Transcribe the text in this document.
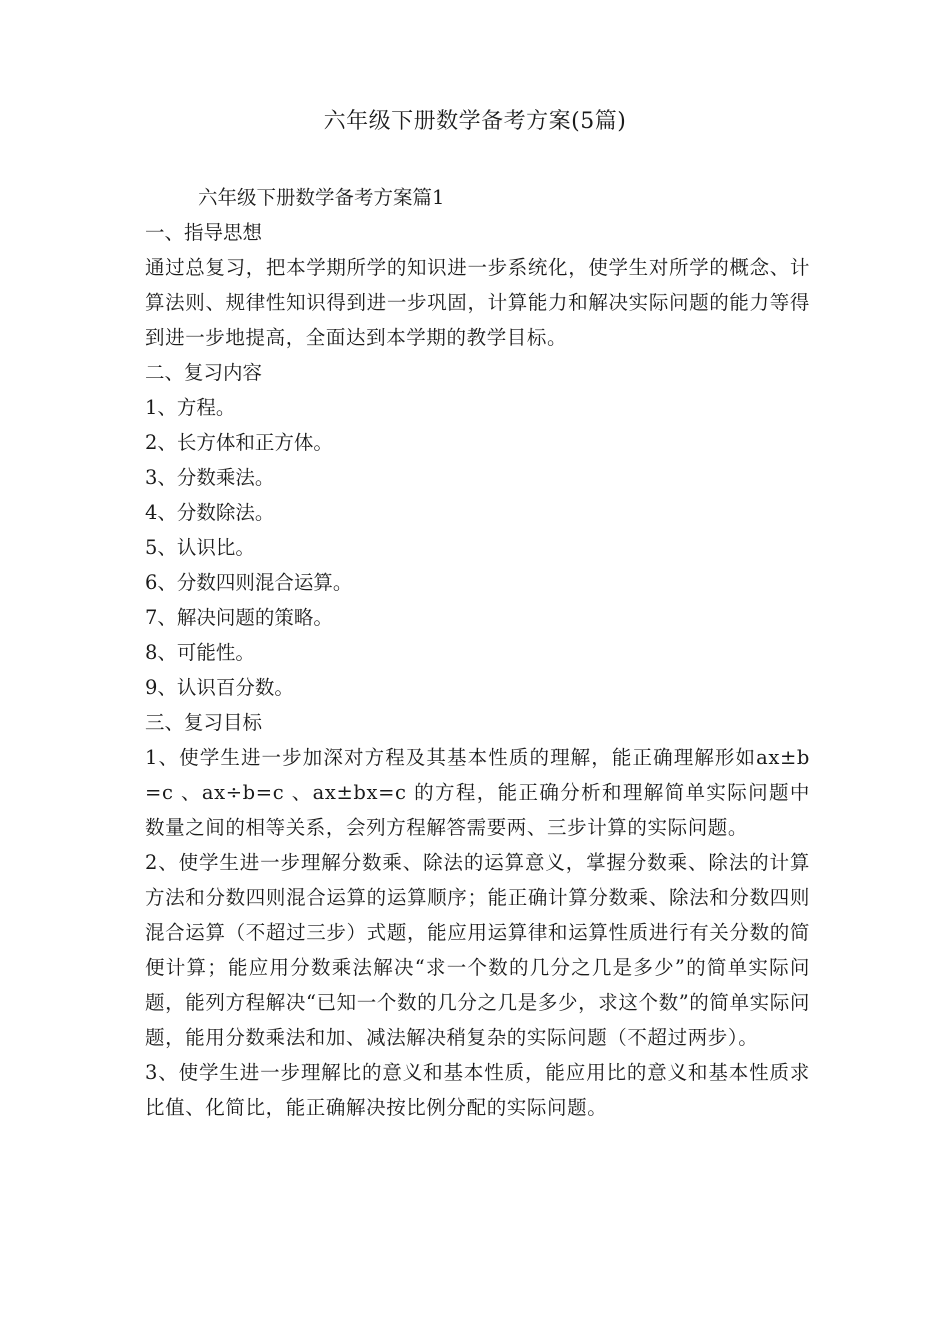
六年级下册数学备考方案(5篇)
六年级下册数学备考方案篇1
一、指导思想
通过总复习，把本学期所学的知识进一步系统化，使学生对所学的概念、计算法则、规律性知识得到进一步巩固，计算能力和解决实际问题的能力等得到进一步地提高，全面达到本学期的教学目标。
二、复习内容
1、方程。
2、长方体和正方体。
3、分数乘法。
4、分数除法。
5、认识比。
6、分数四则混合运算。
7、解决问题的策略。
8、可能性。
9、认识百分数。
三、复习目标
1、使学生进一步加深对方程及其基本性质的理解，能正确理解形如ax±b=c 、ax÷b=c 、ax±bx=c 的方程，能正确分析和理解简单实际问题中数量之间的相等关系，会列方程解答需要两、三步计算的实际问题。
2、使学生进一步理解分数乘、除法的运算意义，掌握分数乘、除法的计算方法和分数四则混合运算的运算顺序；能正确计算分数乘、除法和分数四则混合运算（不超过三步）式题，能应用运算律和运算性质进行有关分数的简便计算；能应用分数乘法解决“求一个数的几分之几是多少”的简单实际问题，能列方程解决“已知一个数的几分之几是多少，求这个数”的简单实际问题，能用分数乘法和加、减法解决稍复杂的实际问题（不超过两步）。
3、使学生进一步理解比的意义和基本性质，能应用比的意义和基本性质求比值、化简比，能正确解决按比例分配的实际问题。
